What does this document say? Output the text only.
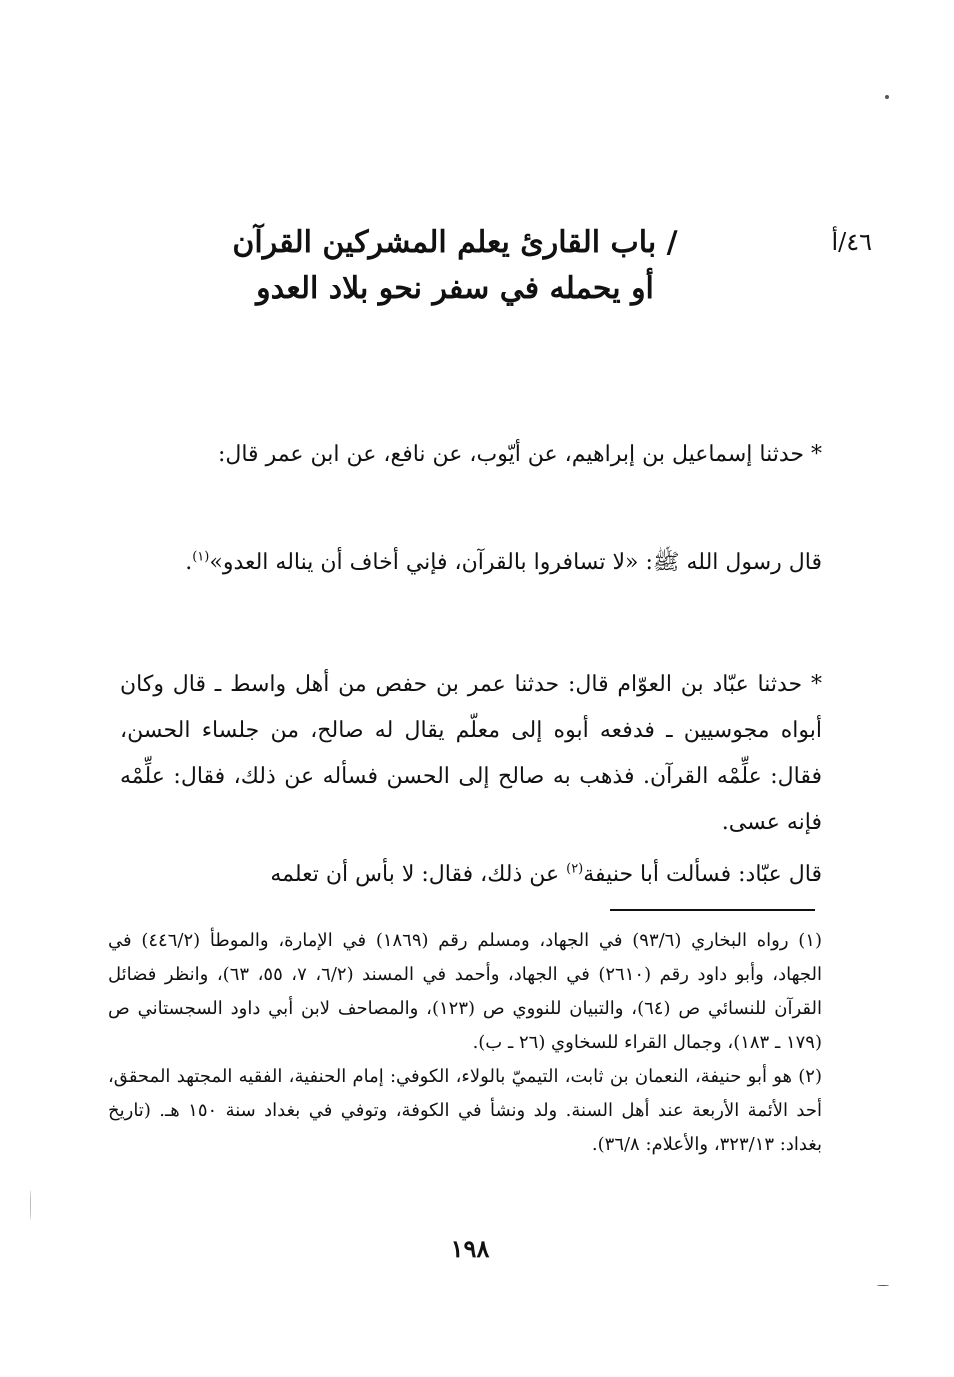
٤٦/أ
/ باب القارئ يعلم المشركين القرآن
أو يحمله في سفر نحو بلاد العدو

* حدثنا إسماعيل بن إبراهيم، عن أيّوب، عن نافع، عن ابن عمر قال:

قال رسول الله ﷺ: «لا تسافروا بالقرآن، فإني أخاف أن يناله العدو»$^{(١)}$.

* حدثنا عبّاد بن العوّام قال: حدثنا عمر بن حفص من أهل واسط ـ قال وكان أبواه مجوسيين ـ فدفعه أبوه إلى معلّم يقال له صالح، من جلساء الحسن، فقال: علِّمْه القرآن. فذهب به صالح إلى الحسن فسأله عن ذلك، فقال: علِّمْه فإنه عسى.

قال عبّاد: فسألت أبا حنيفة$^{(٢)}$ عن ذلك، فقال: لا بأس أن تعلمه

(١) رواه البخاري (٩٣/٦) في الجهاد، ومسلم رقم (١٨٦٩) في الإمارة، والموطأ (٤٤٦/٢) في الجهاد، وأبو داود رقم (٢٦١٠) في الجهاد، وأحمد في المسند (٦/٢، ٧، ٥٥، ٦٣)، وانظر فضائل القرآن للنسائي ص (٦٤)، والتبيان للنووي ص (١٢٣)، والمصاحف لابن أبي داود السجستاني ص (١٧٩ ـ ١٨٣)، وجمال القراء للسخاوي (٢٦ ـ ب).

(٢) هو أبو حنيفة، النعمان بن ثابت، التيميّ بالولاء، الكوفي: إمام الحنفية، الفقيه المجتهد المحقق، أحد الأئمة الأربعة عند أهل السنة. ولد ونشأ في الكوفة، وتوفي في بغداد سنة ١٥٠ هـ. (تاريخ بغداد: ٣٢٣/١٣، والأعلام: ٣٦/٨).

١٩٨
